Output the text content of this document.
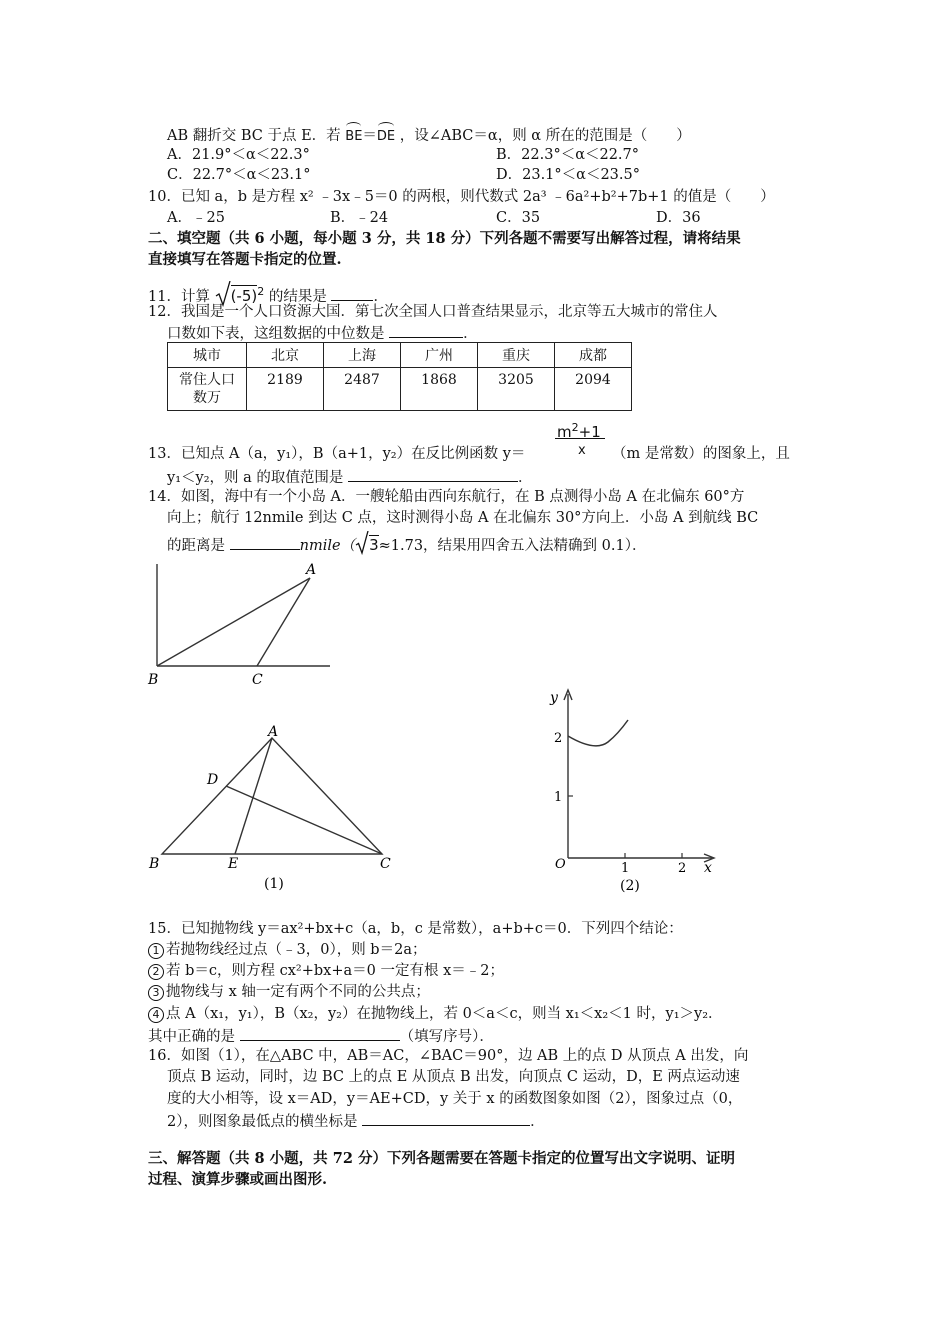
AB 翻折交 BC 于点 E．若 BE＝DE ，设∠ABC＝α，则 α 所在的范围是（　　）
A．21.9°＜α＜22.3°	B．22.3°＜α＜22.7°
C．22.7°＜α＜23.1°	D．23.1°＜α＜23.5°
10．已知 a，b 是方程 x² ﹣3x﹣5＝0 的两根，则代数式 2a³ ﹣6a²+b²+7b+1 的值是（　　）
A．﹣25	B．﹣24	C．35	D．36
二、填空题（共 6 小题，每小题 3 分，共 18 分）下列各题不需要写出解答过程，请将结果
直接填写在答题卡指定的位置.
11．计算 $(-5)^2$ 的结果是	．
12．我国是一个人口资源大国．第七次全国人口普查结果显示，北京等五大城市的常住人
口数如下表，这组数据的中位数是	．
城市	北京	上海	广州	重庆	成都
常住人口
数万	2189	2487	1868	3205	2094
$m^2+1$
13．已知点 A（a，y₁），B（a+1，y₂）在反比例函数 y＝	x （m 是常数）的图象上，且
y₁＜y₂，则 a 的取值范围是	．
14．如图，海中有一个小岛 A．一艘轮船由西向东航行，在 B 点测得小岛 A 在北偏东 60°方
向上；航行 12nmile 到达 C 点，这时测得小岛 A 在北偏东 30°方向上．小岛 A 到航线 BC
的距离是	nmile（ 3≈1.73，结果用四舍五入法精确到 0.1）．
A
B	C
A
D
B	E	C
(1)
y
2
1
O	1	2 x
(2)
15．已知抛物线 y＝ax²+bx+c（a，b，c 是常数），a+b+c＝0．下列四个结论：
1 若抛物线经过点（﹣3，0），则 b＝2a；
2 若 b＝c，则方程 cx²+bx+a＝0 一定有根 x＝﹣2；
3 抛物线与 x 轴一定有两个不同的公共点；
4 点 A（x₁，y₁），B（x₂，y₂）在抛物线上，若 0＜a＜c，则当 x₁＜x₂＜1 时，y₁＞y₂．
其中正确的是	（填写序号）．
16．如图（1），在△ABC 中，AB＝AC，∠BAC＝90°，边 AB 上的点 D 从顶点 A 出发，向
顶点 B 运动，同时，边 BC 上的点 E 从顶点 B 出发，向顶点 C 运动，D，E 两点运动速
度的大小相等，设 x＝AD，y＝AE+CD，y 关于 x 的函数图象如图（2），图象过点（0，
2），则图象最低点的横坐标是	．
三、解答题（共 8 小题，共 72 分）下列各题需要在答题卡指定的位置写出文字说明、证明
过程、演算步骤或画出图形.
